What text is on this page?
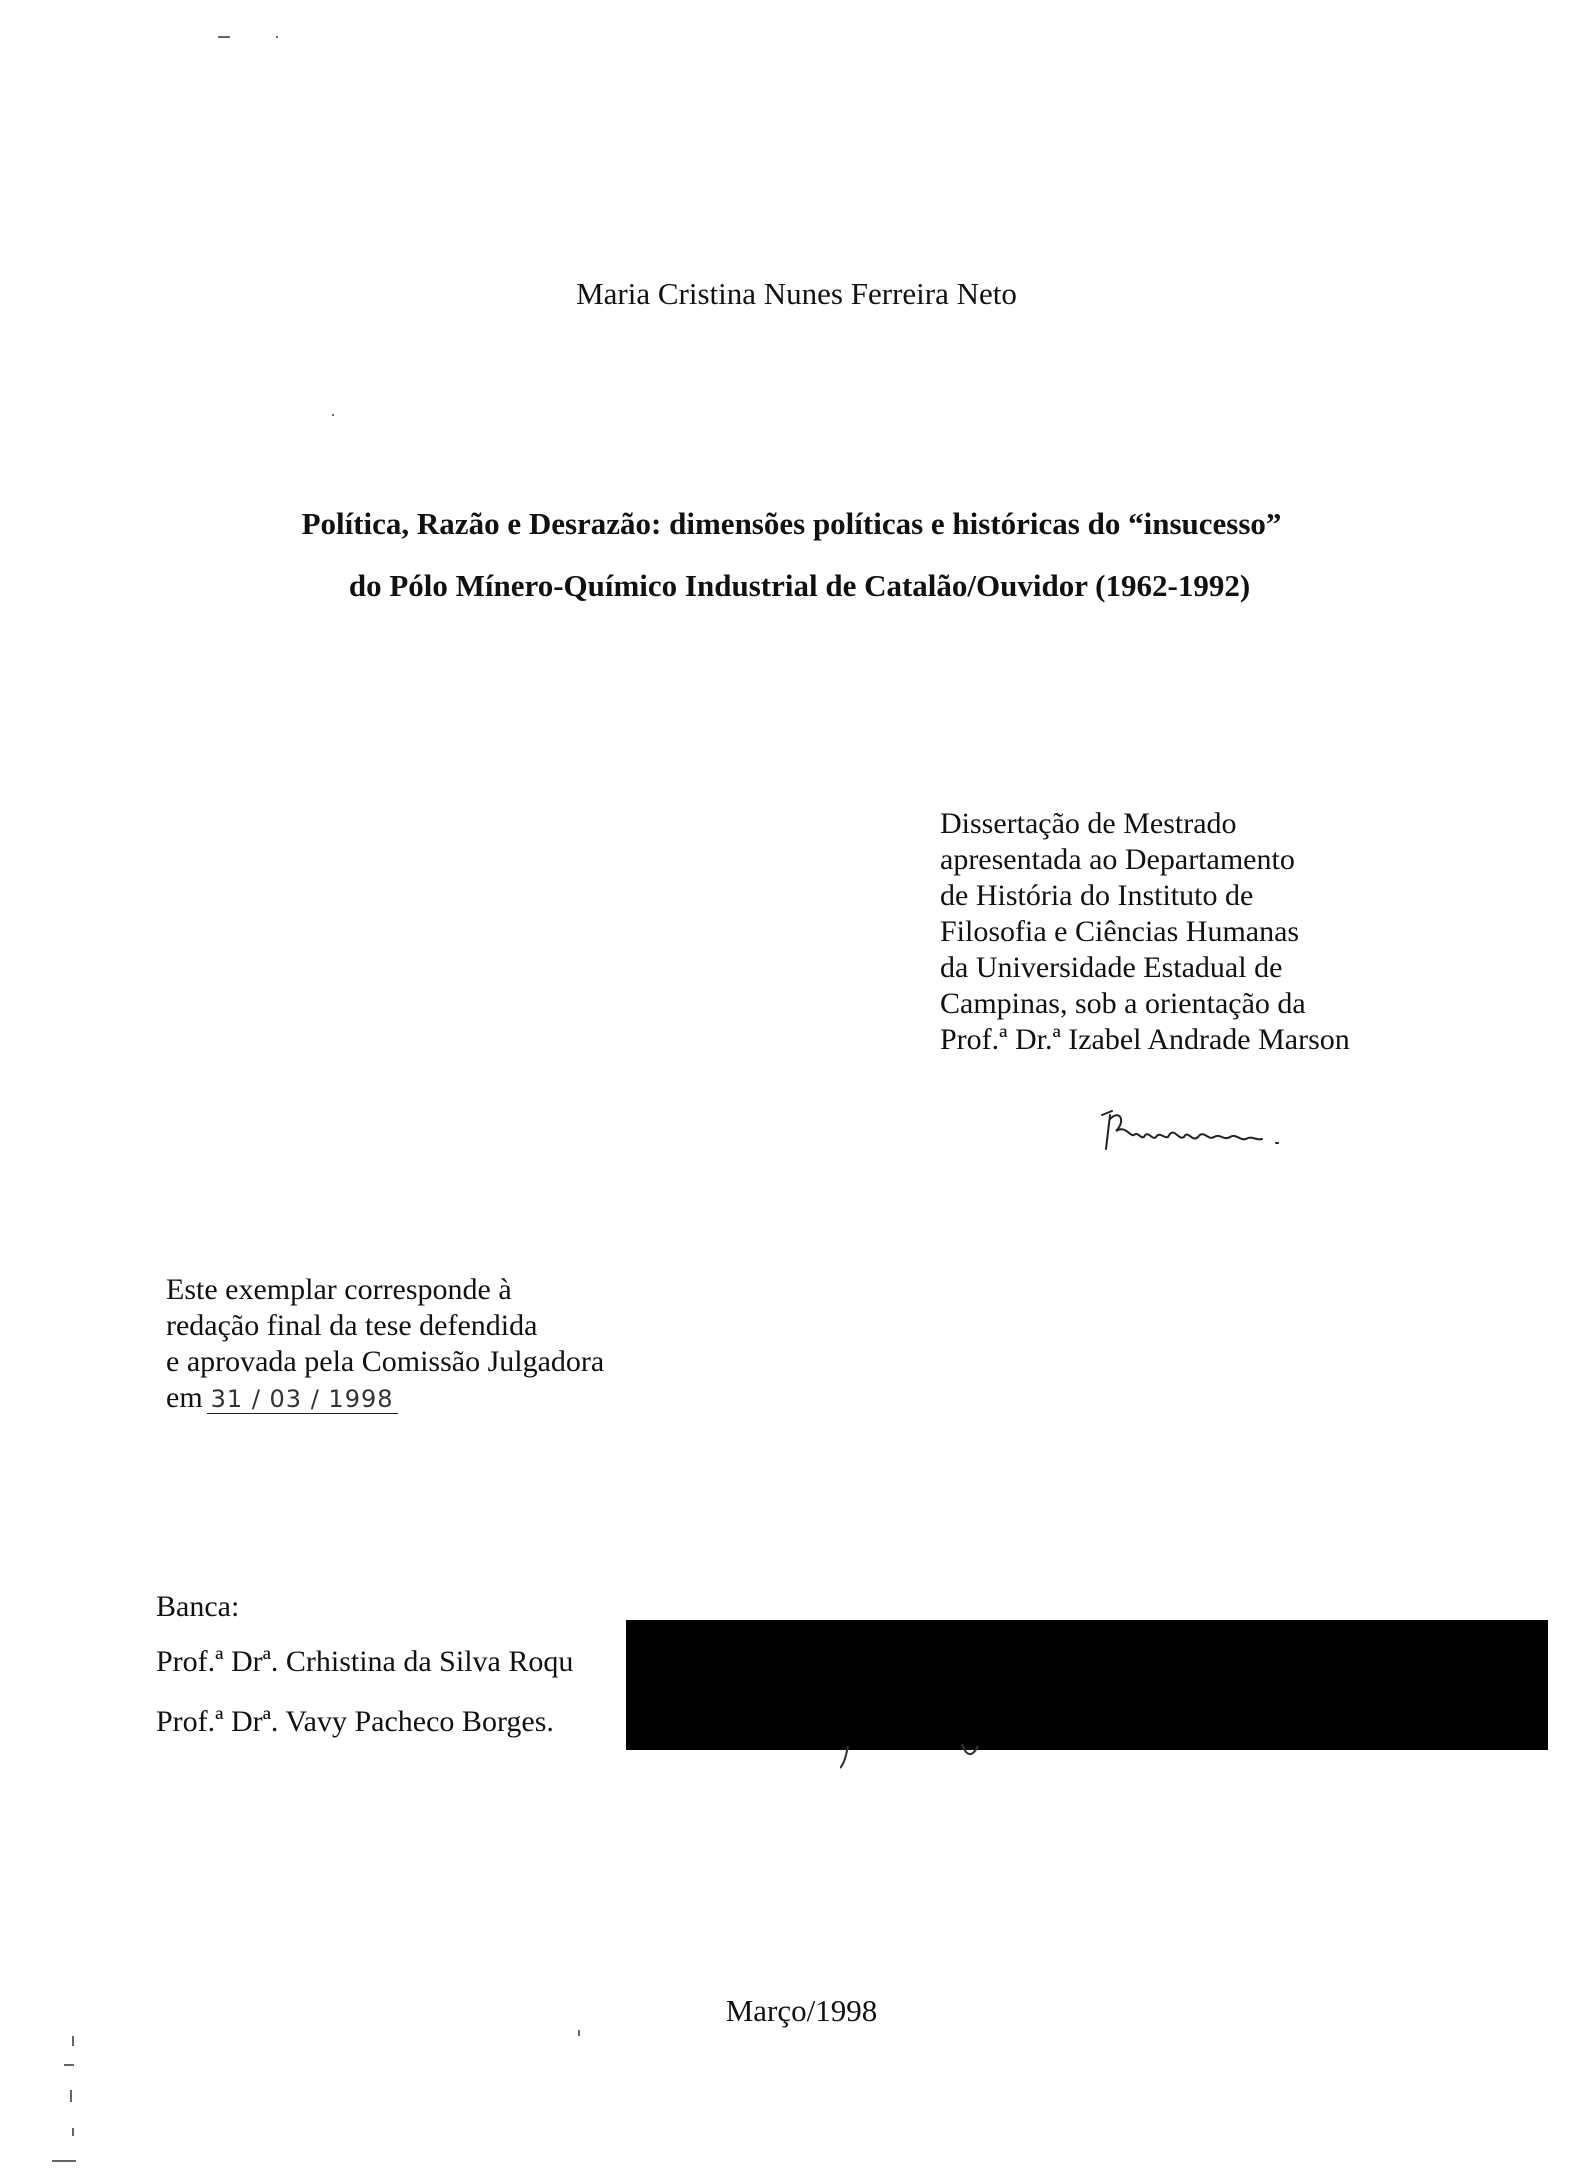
Maria Cristina Nunes Ferreira Neto
Política, Razão e Desrazão: dimensões políticas e históricas do “insucesso”
do Pólo Mínero-Químico Industrial de Catalão/Ouvidor (1962-1992)
Dissertação de Mestrado
apresentada ao Departamento
de História do Instituto de
Filosofia e Ciências Humanas
da Universidade Estadual de
Campinas, sob a orientação da
Prof.ª Dr.ª Izabel Andrade Marson
Este exemplar corresponde à
redação final da tese defendida
e aprovada pela Comissão Julgadora
em 31 / 03 / 1998
Banca:
Prof.ª Drª. Crhistina da Silva Roqu
Prof.ª Drª. Vavy Pacheco Borges.
Março/1998
